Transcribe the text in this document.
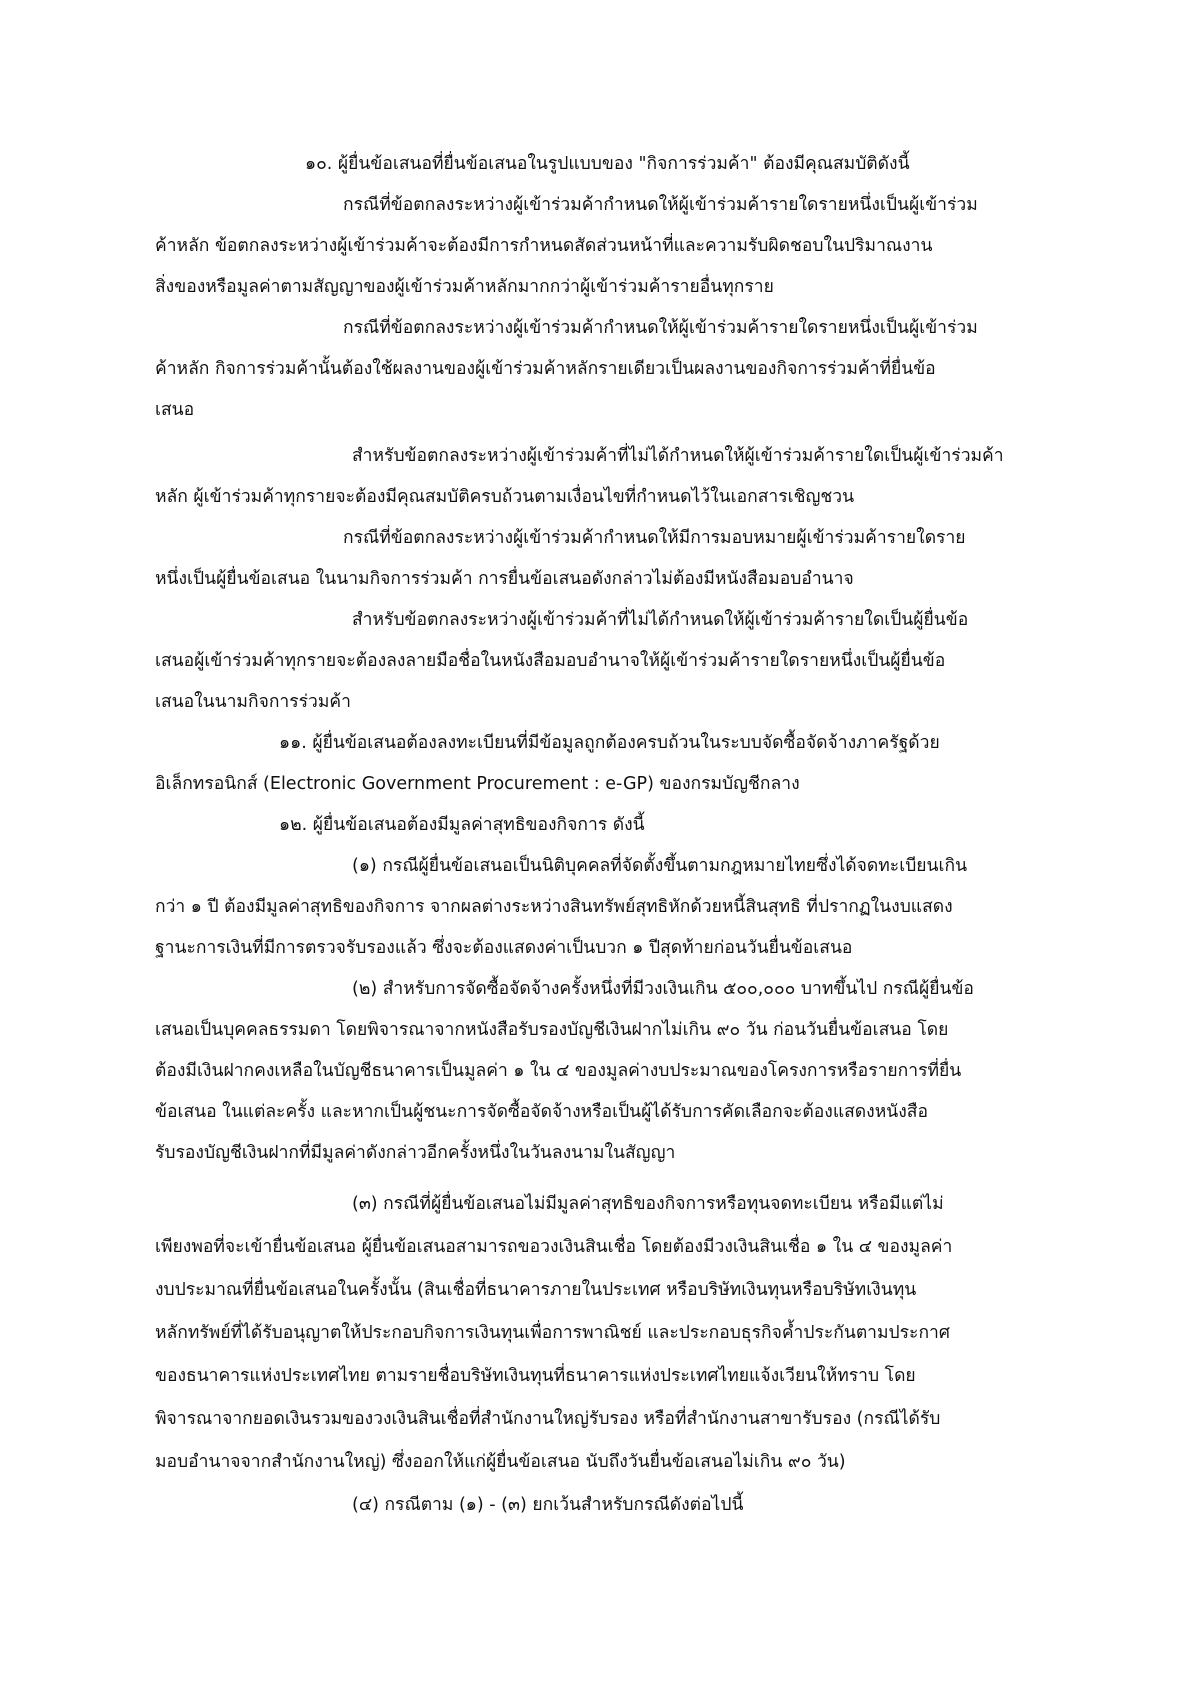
๑๐. ผู้ยื่นข้อเสนอที่ยื่นข้อเสนอในรูปแบบของ "กิจการร่วมค้า" ต้องมีคุณสมบัติดังนี้

กรณีที่ข้อตกลงระหว่างผู้เข้าร่วมค้ากำหนดให้ผู้เข้าร่วมค้ารายใดรายหนึ่งเป็นผู้เข้าร่วม

ค้าหลัก ข้อตกลงระหว่างผู้เข้าร่วมค้าจะต้องมีการกำหนดสัดส่วนหน้าที่และความรับผิดชอบในปริมาณงาน

สิ่งของหรือมูลค่าตามสัญญาของผู้เข้าร่วมค้าหลักมากกว่าผู้เข้าร่วมค้ารายอื่นทุกราย

กรณีที่ข้อตกลงระหว่างผู้เข้าร่วมค้ากำหนดให้ผู้เข้าร่วมค้ารายใดรายหนึ่งเป็นผู้เข้าร่วม

ค้าหลัก กิจการร่วมค้านั้นต้องใช้ผลงานของผู้เข้าร่วมค้าหลักรายเดียวเป็นผลงานของกิจการร่วมค้าที่ยื่นข้อ

เสนอ

สำหรับข้อตกลงระหว่างผู้เข้าร่วมค้าที่ไม่ได้กำหนดให้ผู้เข้าร่วมค้ารายใดเป็นผู้เข้าร่วมค้า

หลัก ผู้เข้าร่วมค้าทุกรายจะต้องมีคุณสมบัติครบถ้วนตามเงื่อนไขที่กำหนดไว้ในเอกสารเชิญชวน

กรณีที่ข้อตกลงระหว่างผู้เข้าร่วมค้ากำหนดให้มีการมอบหมายผู้เข้าร่วมค้ารายใดราย

หนึ่งเป็นผู้ยื่นข้อเสนอ ในนามกิจการร่วมค้า การยื่นข้อเสนอดังกล่าวไม่ต้องมีหนังสือมอบอำนาจ

สำหรับข้อตกลงระหว่างผู้เข้าร่วมค้าที่ไม่ได้กำหนดให้ผู้เข้าร่วมค้ารายใดเป็นผู้ยื่นข้อ

เสนอผู้เข้าร่วมค้าทุกรายจะต้องลงลายมือชื่อในหนังสือมอบอำนาจให้ผู้เข้าร่วมค้ารายใดรายหนึ่งเป็นผู้ยื่นข้อ

เสนอในนามกิจการร่วมค้า

๑๑. ผู้ยื่นข้อเสนอต้องลงทะเบียนที่มีข้อมูลถูกต้องครบถ้วนในระบบจัดซื้อจัดจ้างภาครัฐด้วย

อิเล็กทรอนิกส์ (Electronic Government Procurement : e-GP) ของกรมบัญชีกลาง

๑๒. ผู้ยื่นข้อเสนอต้องมีมูลค่าสุทธิของกิจการ ดังนี้

(๑) กรณีผู้ยื่นข้อเสนอเป็นนิติบุคคลที่จัดตั้งขึ้นตามกฎหมายไทยซึ่งได้จดทะเบียนเกิน

กว่า ๑ ปี ต้องมีมูลค่าสุทธิของกิจการ จากผลต่างระหว่างสินทรัพย์สุทธิหักด้วยหนี้สินสุทธิ ที่ปรากฏในงบแสดง

ฐานะการเงินที่มีการตรวจรับรองแล้ว ซึ่งจะต้องแสดงค่าเป็นบวก ๑ ปีสุดท้ายก่อนวันยื่นข้อเสนอ

(๒) สำหรับการจัดซื้อจัดจ้างครั้งหนึ่งที่มีวงเงินเกิน ๕๐๐,๐๐๐ บาทขึ้นไป กรณีผู้ยื่นข้อ

เสนอเป็นบุคคลธรรมดา โดยพิจารณาจากหนังสือรับรองบัญชีเงินฝากไม่เกิน ๙๐ วัน ก่อนวันยื่นข้อเสนอ โดย

ต้องมีเงินฝากคงเหลือในบัญชีธนาคารเป็นมูลค่า ๑ ใน ๔ ของมูลค่างบประมาณของโครงการหรือรายการที่ยื่น

ข้อเสนอ ในแต่ละครั้ง และหากเป็นผู้ชนะการจัดซื้อจัดจ้างหรือเป็นผู้ได้รับการคัดเลือกจะต้องแสดงหนังสือ

รับรองบัญชีเงินฝากที่มีมูลค่าดังกล่าวอีกครั้งหนึ่งในวันลงนามในสัญญา

(๓) กรณีที่ผู้ยื่นข้อเสนอไม่มีมูลค่าสุทธิของกิจการหรือทุนจดทะเบียน หรือมีแต่ไม่

เพียงพอที่จะเข้ายื่นข้อเสนอ ผู้ยื่นข้อเสนอสามารถขอวงเงินสินเชื่อ โดยต้องมีวงเงินสินเชื่อ ๑ ใน ๔ ของมูลค่า

งบประมาณที่ยื่นข้อเสนอในครั้งนั้น (สินเชื่อที่ธนาคารภายในประเทศ หรือบริษัทเงินทุนหรือบริษัทเงินทุน

หลักทรัพย์ที่ได้รับอนุญาตให้ประกอบกิจการเงินทุนเพื่อการพาณิชย์ และประกอบธุรกิจค้ำประกันตามประกาศ

ของธนาคารแห่งประเทศไทย ตามรายชื่อบริษัทเงินทุนที่ธนาคารแห่งประเทศไทยแจ้งเวียนให้ทราบ โดย

พิจารณาจากยอดเงินรวมของวงเงินสินเชื่อที่สำนักงานใหญ่รับรอง หรือที่สำนักงานสาขารับรอง (กรณีได้รับ

มอบอำนาจจากสำนักงานใหญ่) ซึ่งออกให้แก่ผู้ยื่นข้อเสนอ นับถึงวันยื่นข้อเสนอไม่เกิน ๙๐ วัน)

(๔) กรณีตาม (๑) - (๓) ยกเว้นสำหรับกรณีดังต่อไปนี้
